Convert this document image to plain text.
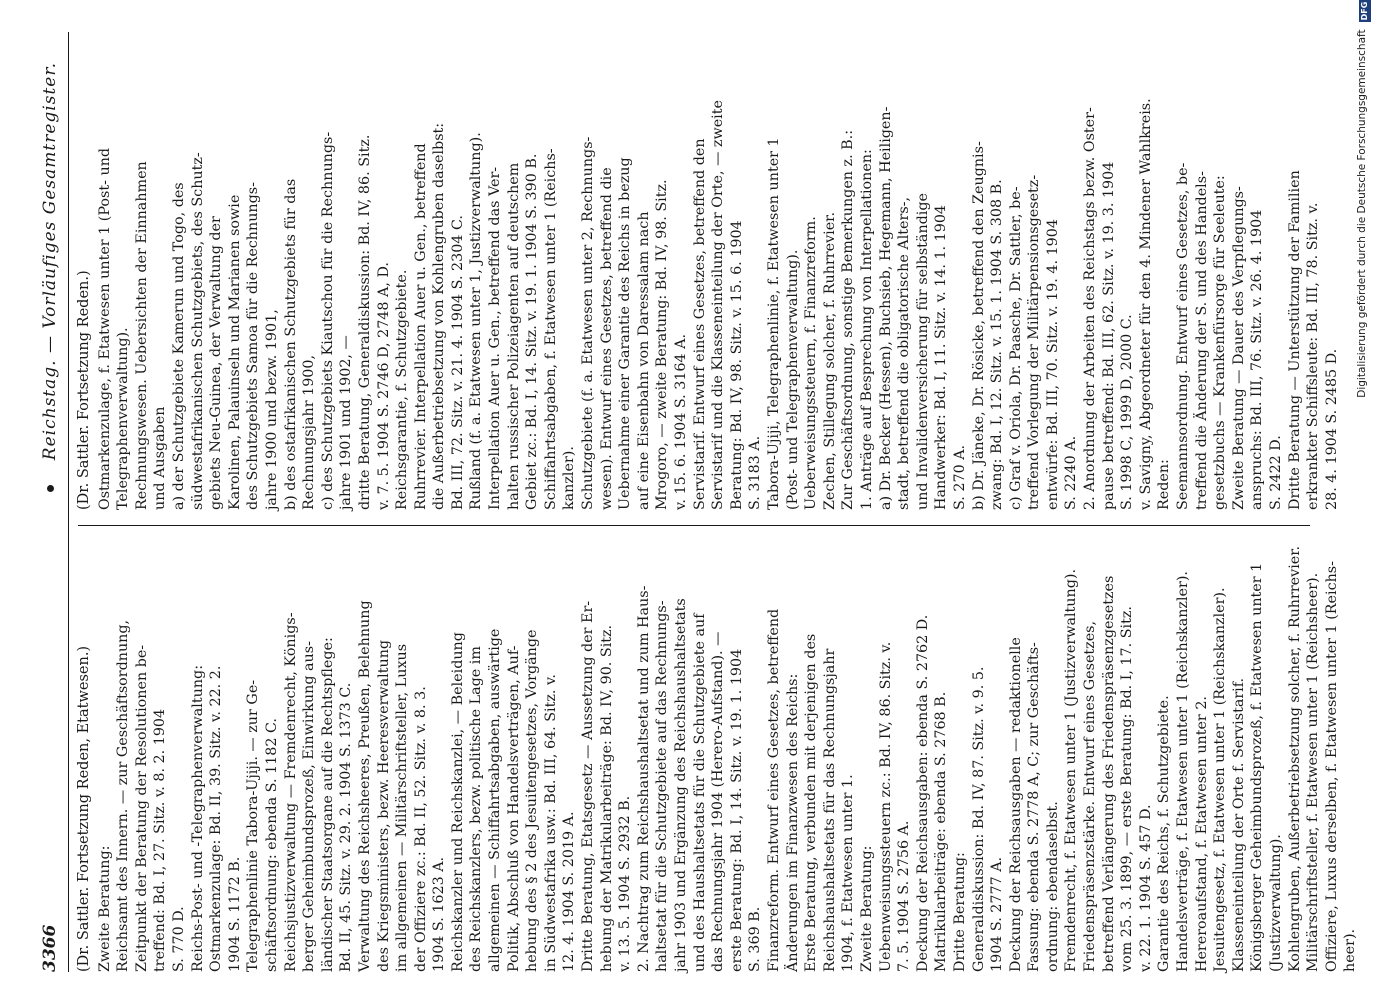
3366
Reichstag. — Vorläufiges Gesamtregister.

(Dr. Sattler. Fortsetzung Reden, Etatwesen.) Zweite Beratung: Reichsamt des Innern. — zur Geschäftsordnung, Zeitpunkt der Beratung der Resolutionen be- treffend: Bd. I, 27. Sitz. v. 8. 2. 1904 S. 770 D. Reichs-Post- und -Telegraphenverwaltung: Ostmarkenzulage: Bd. II, 39. Sitz. v. 22. 2. 1904 S. 1172 B. Telegraphenlinie Tabora-Ujiji. — zur Ge- schäftsordnung: ebenda S. 1182 C. Reichsjustizverwaltung — Fremdenrecht, Königs- berger Geheimbundsprozeß, Einwirkung aus- ländischer Staatsorgane auf die Rechtspflege: Bd. II, 45. Sitz. v. 29. 2. 1904 S. 1373 C. Verwaltung des Reichsheeres, Preußen, Belehnung des Kriegsministers, bezw. Heeresverwaltung im allgemeinen — Militärschriftsteller, Luxus der Offiziere zc.: Bd. II, 52. Sitz. v. 8. 3. 1904 S. 1623 A. Reichskanzler und Reichskanzlei, — Beleidung des Reichskanzlers, bezw. politische Lage im allgemeinen — Schiffahrtsabgaben, auswärtige Politik, Abschluß von Handelsverträgen, Auf- hebung des § 2 des Jesuitengesetzes, Vorgänge in Südwestafrika usw.: Bd. III, 64. Sitz. v. 12. 4. 1904 S. 2019 A. Dritte Beratung, Etatsgesetz — Aussetzung der Er- hebung der Matrikularbeiträge: Bd. IV, 90. Sitz. v. 13. 5. 1904 S. 2932 B. 2. Nachtrag zum Reichshaushaltsetat und zum Haus- haltsetat für die Schutzgebiete auf das Rechnungs- jahr 1903 und Ergänzung des Reichshaushaltsetats und des Haushaltsetats für die Schutzgebiete auf das Rechnungsjahr 1904 (Herero-Aufstand). — erste Beratung: Bd. I, 14. Sitz. v. 19. 1. 1904 S. 369 B. Finanzreform. Entwurf eines Gesetzes, betreffend Änderungen im Finanzwesen des Reichs: Erste Beratung, verbunden mit derjenigen des Reichshaushaltsetats für das Rechnungsjahr 1904, f. Etatwesen unter 1. Zweite Beratung: Uebenweisungssteuern zc.: Bd. IV, 86. Sitz. v. 7. 5. 1904 S. 2756 A. Deckung der Reichsausgaben: ebenda S. 2762 D. Matrikularbeiträge: ebenda S. 2768 B. Dritte Beratung: Generaldiskussion: Bd. IV, 87. Sitz. v. 9. 5. 1904 S. 2777 A. Deckung der Reichsausgaben — redaktionelle Fassung: ebenda S. 2778 A, C; zur Geschäfts- ordnung: ebendaselbst. Fremdenrecht, f. Etatwesen unter 1 (Justizverwaltung). Friedenspräsenzstärke. Entwurf eines Gesetzes, betreffend Verlängerung des Friedenspräsenzgesetzes vom 25. 3. 1899, — erste Beratung: Bd. I, 17. Sitz. v. 22. 1. 1904 S. 457 D. Garantie des Reichs, f. Schutzgebiete. Handelsverträge, f. Etatwesen unter 1 (Reichskanzler). Hereroaufstand, f. Etatwesen unter 2. Jesuitengesetz, f. Etatwesen unter 1 (Reichskanzler). Klasseneinteilung der Orte f. Servistarif. Königsberger Geheimbundsprozeß, f. Etatwesen unter 1 (Justizverwaltung). Kohlengruben, Außerbetriebsetzung solcher, f. Ruhrrevier. Militärschriftsteller, f. Etatwesen unter 1 (Reichsheer). Offiziere, Luxus derselben, f. Etatwesen unter 1 (Reichs- heer).

(Dr. Sattler. Fortsetzung Reden.) Ostmarkenzulage, f. Etatwesen unter 1 (Post- und Telegraphenverwaltung). Rechnungswesen. Uebersichten der Einnahmen und Ausgaben a) der Schutzgebiete Kamerun und Togo, des südwestafrikanischen Schutzgebiets, des Schutz- gebiets Neu-Guinea, der Verwaltung der Karolinen, Palauinseln und Marianen sowie des Schutzgebiets Samoa für die Rechnungs- jahre 1900 und bezw. 1901, b) des ostafrikanischen Schutzgebiets für das Rechnungsjahr 1900, c) des Schutzgebiets Kiautschou für die Rechnungs- jahre 1901 und 1902, — dritte Beratung, Generaldiskussion: Bd. IV, 86. Sitz. v. 7. 5. 1904 S. 2746 D, 2748 A, D. Reichsgarantie, f. Schutzgebiete. Ruhrrevier. Interpellation Auer u. Gen., betreffend die Außerbetriebsetzung von Kohlengruben daselbst: Bd. III, 72. Sitz. v. 21. 4. 1904 S. 2304 C. Rußland (f. a. Etatwesen unter 1, Justizverwaltung). Interpellation Auer u. Gen., betreffend das Ver- halten russischer Polizeiagenten auf deutschem Gebiet zc.: Bd. I, 14. Sitz. v. 19. 1. 1904 S. 390 B. Schiffahrtsabgaben, f. Etatwesen unter 1 (Reichs- kanzler). Schutzgebiete (f. a. Etatwesen unter 2, Rechnungs- wesen). Entwurf eines Gesetzes, betreffend die Uebernahme einer Garantie des Reichs in bezug auf eine Eisenbahn von Daressalam nach Mrogoro, — zweite Beratung: Bd. IV, 98. Sitz. v. 15. 6. 1904 S. 3164 A. Servistarif. Entwurf eines Gesetzes, betreffend den Servistarif und die Klasseneinteilung der Orte, — zweite Beratung: Bd. IV, 98. Sitz. v. 15. 6. 1904 S. 3183 A. Tabora-Ujiji, Telegraphenlinie, f. Etatwesen unter 1 (Post- und Telegraphenverwaltung). Ueberweisungssteuern, f. Finanzreform. Zechen, Stillegung solcher, f. Ruhrrevier. Zur Geschäftsordnung, sonstige Bemerkungen z. B.: 1. Anträge auf Besprechung von Interpellationen: a) Dr. Becker (Hessen), Buchsieb, Hegemann, Heiligen- stadt, betreffend die obligatorische Alters-, und Invalidenversicherung für selbständige Handwerker: Bd. I, 11. Sitz. v. 14. 1. 1904 S. 270 A. b) Dr. Jäneke, Dr. Rösicke, betreffend den Zeugnis- zwang: Bd. I, 12. Sitz. v. 15. 1. 1904 S. 308 B. c) Graf v. Oriola, Dr. Paasche, Dr. Sattler, be- treffend Vorlegung der Militärpensionsgesetz- entwürfe: Bd. III, 70. Sitz. v. 19. 4. 1904 S. 2240 A. 2. Anordnung der Arbeiten des Reichstags bezw. Oster- pause betreffend: Bd. III, 62. Sitz. v. 19. 3. 1904 S. 1998 C, 1999 D, 2000 C. v. Savigny, Abgeordneter für den 4. Mindener Wahlkreis. Reden: Seemannsordnung. Entwurf eines Gesetzes, be- treffend die Änderung der S. und des Handels- gesetzbuchs — Krankenfürsorge für Seeleute: Zweite Beratung — Dauer des Verpflegungs- anspruchs: Bd. III, 76. Sitz. v. 26. 4. 1904 S. 2422 D. Dritte Beratung — Unterstützung der Familien erkrankter Schiffsleute: Bd. III, 78. Sitz. v. 28. 4. 1904 S. 2485 D.

Digitalisierung gefördert durch die Deutsche Forschungsgemeinschaft DFG
